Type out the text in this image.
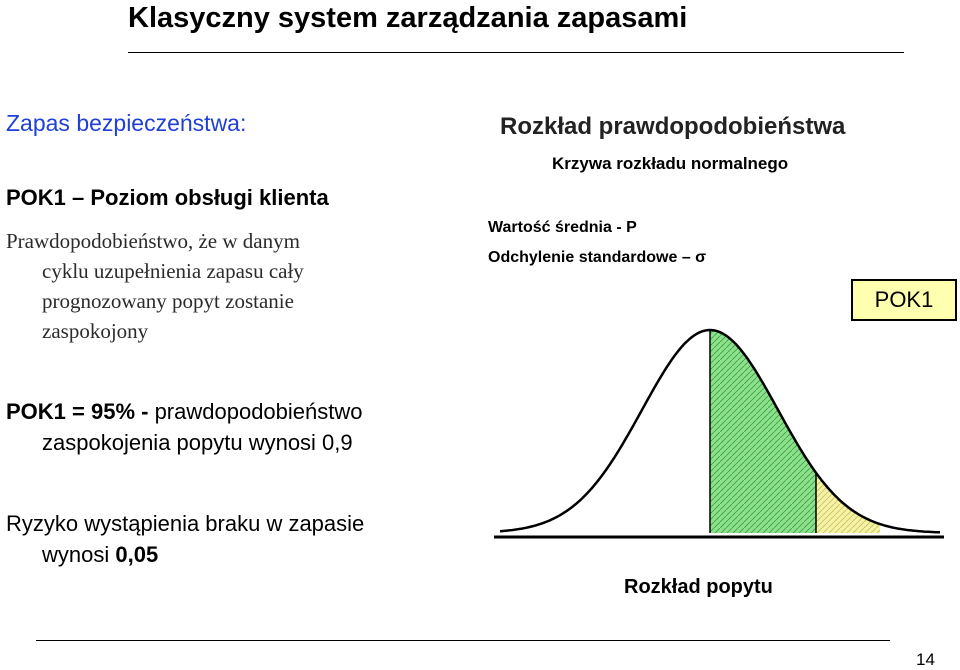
Klasyczny system zarządzania zapasami
Zapas bezpieczeństwa:
POK1 – Poziom obsługi klienta
Prawdopodobieństwo, że w danym
cyklu uzupełnienia zapasu cały
prognozowany popyt zostanie
zaspokojony
POK1 = 95% - prawdopodobieństwo
zaspokojenia popytu wynosi 0,9
Ryzyko wystąpienia braku w zapasie
wynosi 0,05
Rozkład prawdopodobieństwa
Krzywa rozkładu normalnego
Wartość średnia - P
Odchylenie standardowe – σ
POK1
Rozkład popytu
14
